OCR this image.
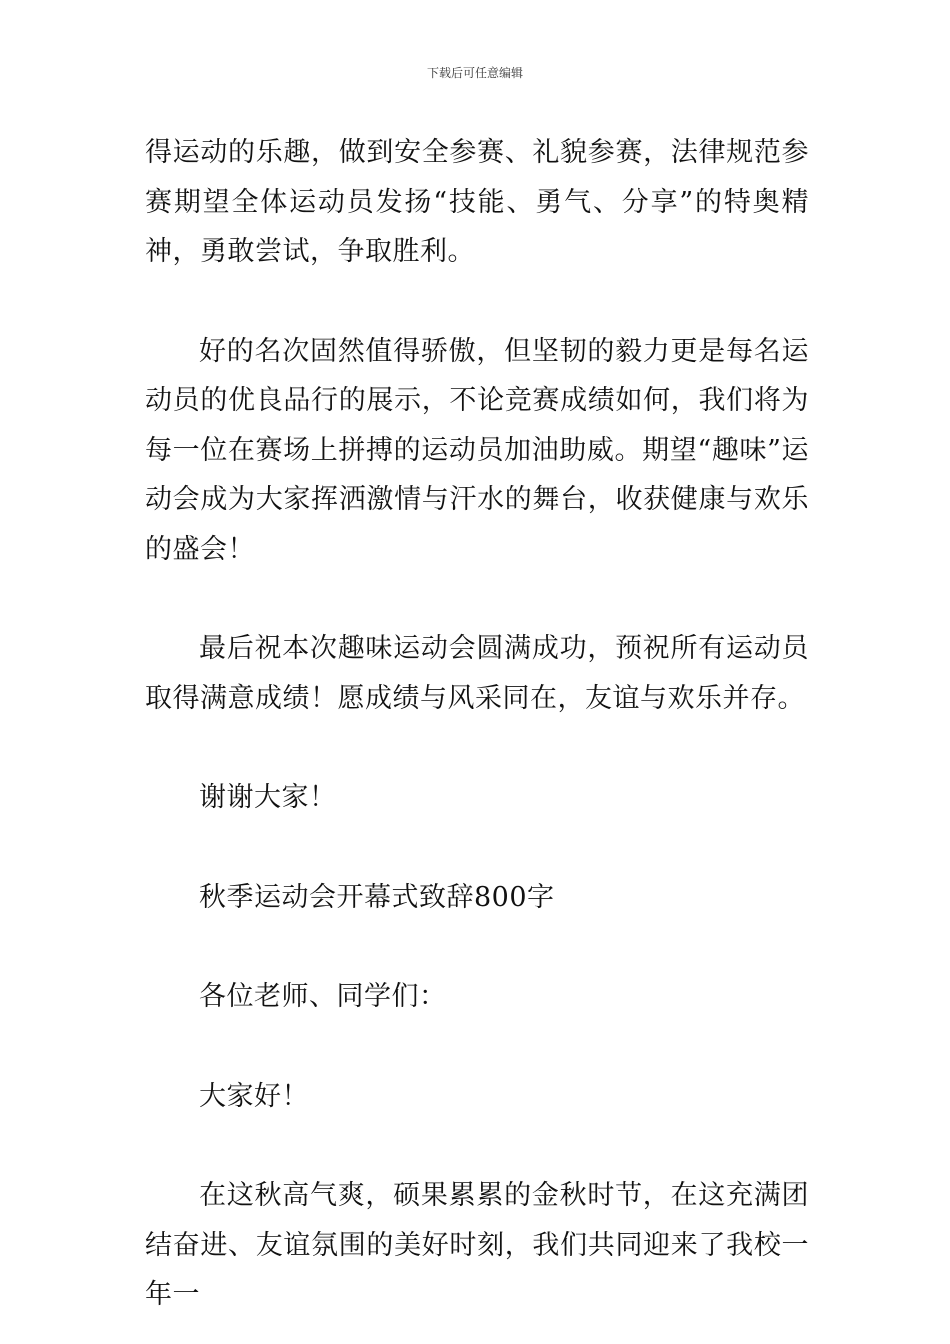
下载后可任意编辑

得运动的乐趣，做到安全参赛、礼貌参赛，法律规范参赛期望全体运动员发扬“技能、勇气、分享”的特奥精神，勇敢尝试，争取胜利。

好的名次固然值得骄傲，但坚韧的毅力更是每名运动员的优良品行的展示，不论竞赛成绩如何，我们将为每一位在赛场上拼搏的运动员加油助威。期望“趣味”运动会成为大家挥洒激情与汗水的舞台，收获健康与欢乐的盛会！

最后祝本次趣味运动会圆满成功，预祝所有运动员取得满意成绩！愿成绩与风采同在，友谊与欢乐并存。

谢谢大家！

秋季运动会开幕式致辞800字

各位老师、同学们：

大家好！

在这秋高气爽，硕果累累的金秋时节，在这充满团结奋进、友谊氛围的美好时刻，我们共同迎来了我校一年一
